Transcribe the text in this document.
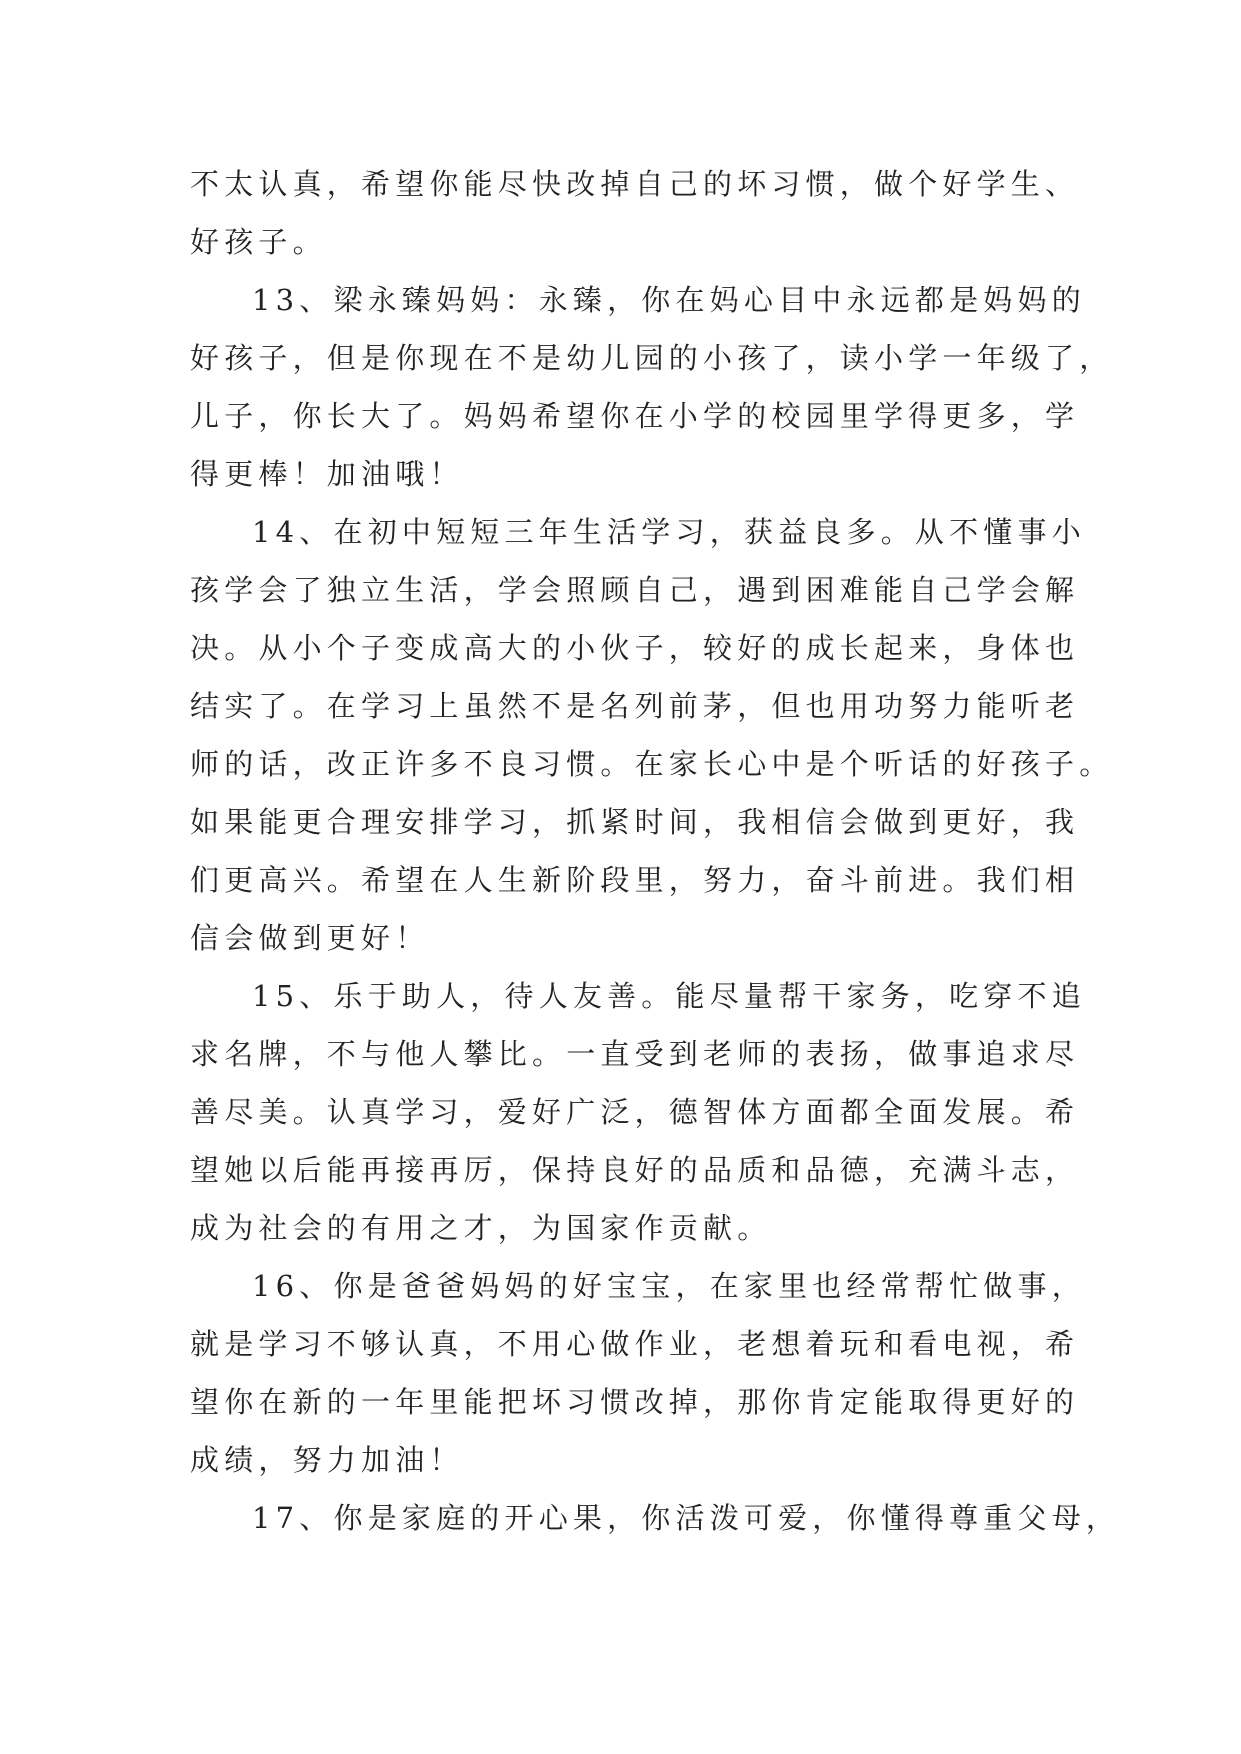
不太认真，希望你能尽快改掉自己的坏习惯，做个好学生、
好孩子。
13、梁永臻妈妈：永臻，你在妈心目中永远都是妈妈的
好孩子，但是你现在不是幼儿园的小孩了，读小学一年级了，
儿子，你长大了。妈妈希望你在小学的校园里学得更多，学
得更棒！加油哦！
14、在初中短短三年生活学习，获益良多。从不懂事小
孩学会了独立生活，学会照顾自己，遇到困难能自己学会解
决。从小个子变成高大的小伙子，较好的成长起来，身体也
结实了。在学习上虽然不是名列前茅，但也用功努力能听老
师的话，改正许多不良习惯。在家长心中是个听话的好孩子。
如果能更合理安排学习，抓紧时间，我相信会做到更好，我
们更高兴。希望在人生新阶段里，努力，奋斗前进。我们相
信会做到更好！
15、乐于助人，待人友善。能尽量帮干家务，吃穿不追
求名牌，不与他人攀比。一直受到老师的表扬，做事追求尽
善尽美。认真学习，爱好广泛，德智体方面都全面发展。希
望她以后能再接再厉，保持良好的品质和品德，充满斗志，
成为社会的有用之才，为国家作贡献。
16、你是爸爸妈妈的好宝宝，在家里也经常帮忙做事，
就是学习不够认真，不用心做作业，老想着玩和看电视，希
望你在新的一年里能把坏习惯改掉，那你肯定能取得更好的
成绩，努力加油！
17、你是家庭的开心果，你活泼可爱，你懂得尊重父母，
